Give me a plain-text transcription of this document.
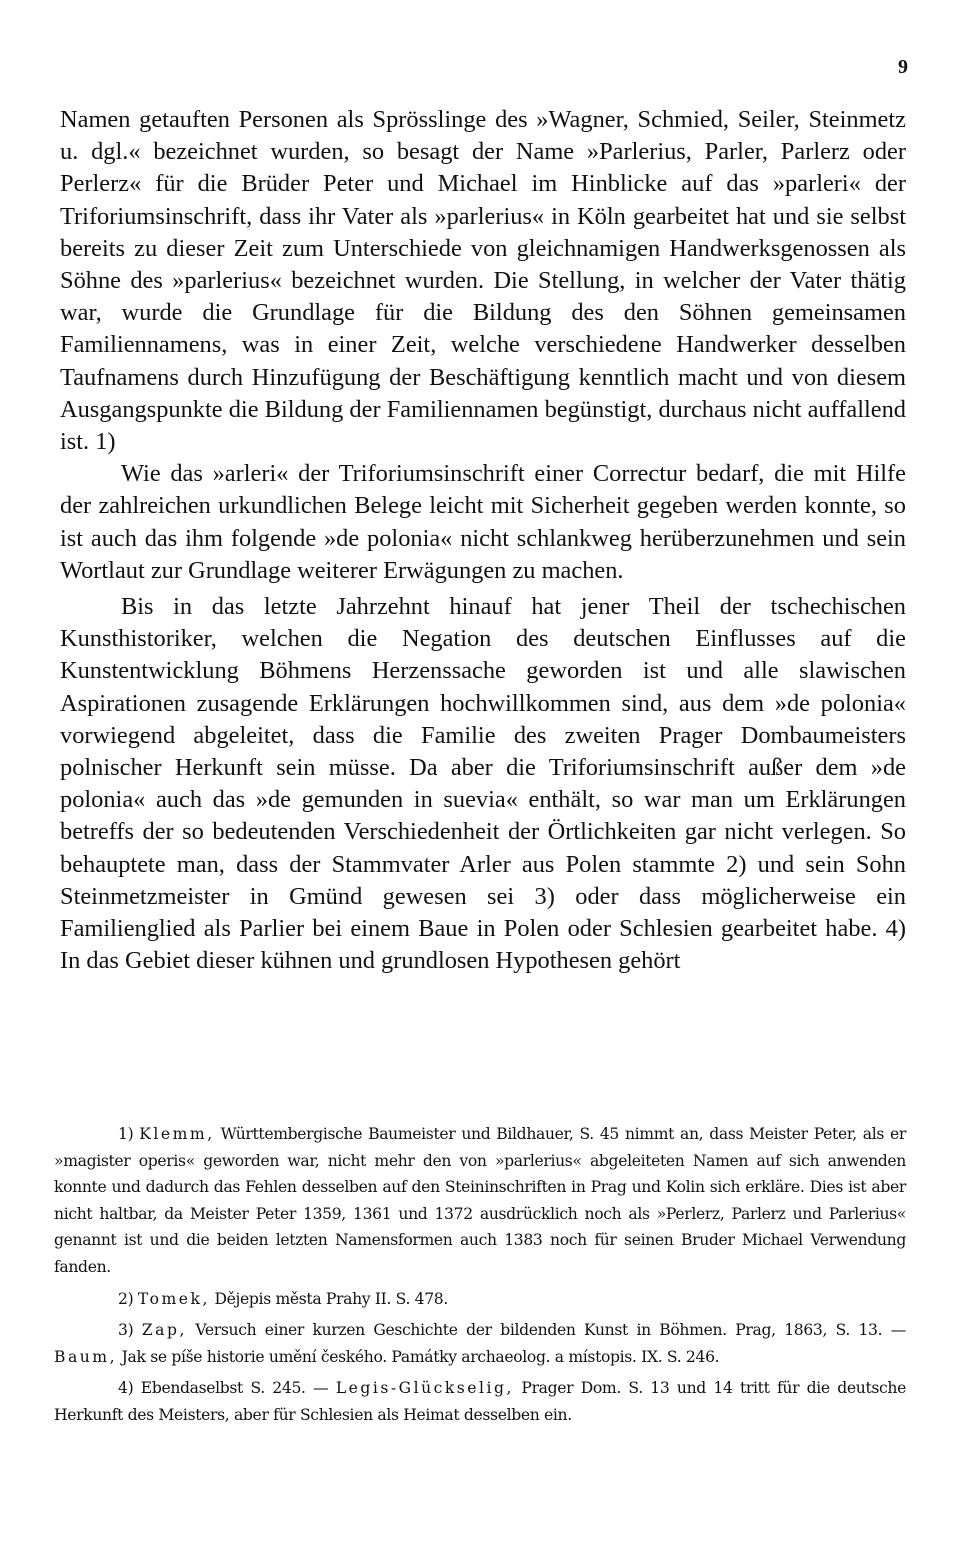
9

Namen getauften Personen als Sprösslinge des »Wagner, Schmied, Seiler, Steinmetz u. dgl.« bezeichnet wurden, so besagt der Name »Parlerius, Parler, Parlerz oder Perlerz« für die Brüder Peter und Michael im Hinblicke auf das »parleri« der Triforiumsinschrift, dass ihr Vater als »parlerius« in Köln gearbeitet hat und sie selbst bereits zu dieser Zeit zum Unterschiede von gleichnamigen Handwerksgenossen als Söhne des »parlerius« bezeichnet wurden. Die Stellung, in welcher der Vater thätig war, wurde die Grundlage für die Bildung des den Söhnen gemeinsamen Familiennamens, was in einer Zeit, welche verschiedene Handwerker desselben Taufnamens durch Hinzufügung der Beschäftigung kenntlich macht und von diesem Ausgangspunkte die Bildung der Familiennamen begünstigt, durchaus nicht auffallend ist. 1)

Wie das »arleri« der Triforiumsinschrift einer Correctur bedarf, die mit Hilfe der zahlreichen urkundlichen Belege leicht mit Sicherheit gegeben werden konnte, so ist auch das ihm folgende »de polonia« nicht schlankweg herüberzunehmen und sein Wortlaut zur Grundlage weiterer Erwägungen zu machen.

Bis in das letzte Jahrzehnt hinauf hat jener Theil der tschechischen Kunsthistoriker, welchen die Negation des deutschen Einflusses auf die Kunstentwicklung Böhmens Herzenssache geworden ist und alle slawischen Aspirationen zusagende Erklärungen hochwillkommen sind, aus dem »de polonia« vorwiegend abgeleitet, dass die Familie des zweiten Prager Dombaumeisters polnischer Herkunft sein müsse. Da aber die Triforiumsinschrift außer dem »de polonia« auch das »de gemunden in suevia« enthält, so war man um Erklärungen betreffs der so bedeutenden Verschiedenheit der Örtlichkeiten gar nicht verlegen. So behauptete man, dass der Stammvater Arler aus Polen stammte 2) und sein Sohn Steinmetzmeister in Gmünd gewesen sei 3) oder dass möglicherweise ein Familienglied als Parlier bei einem Baue in Polen oder Schlesien gearbeitet habe. 4) In das Gebiet dieser kühnen und grundlosen Hypothesen gehört

1) Klemm, Württembergische Baumeister und Bildhauer, S. 45 nimmt an, dass Meister Peter, als er »magister operis« geworden war, nicht mehr den von »parlerius« abgeleiteten Namen auf sich anwenden konnte und dadurch das Fehlen desselben auf den Steininschriften in Prag und Kolin sich erkläre. Dies ist aber nicht haltbar, da Meister Peter 1359, 1361 und 1372 ausdrücklich noch als »Perlerz, Parlerz und Parlerius« genannt ist und die beiden letzten Namensformen auch 1383 noch für seinen Bruder Michael Verwendung fanden.

2) Tomek, Dějepis města Prahy II. S. 478.

3) Zap, Versuch einer kurzen Geschichte der bildenden Kunst in Böhmen. Prag, 1863, S. 13. — Baum, Jak se píše historie umění českého. Památky archaeolog. a místopis. IX. S. 246.

4) Ebendaselbst S. 245. — Legis-Glückselig, Prager Dom. S. 13 und 14 tritt für die deutsche Herkunft des Meisters, aber für Schlesien als Heimat desselben ein.
